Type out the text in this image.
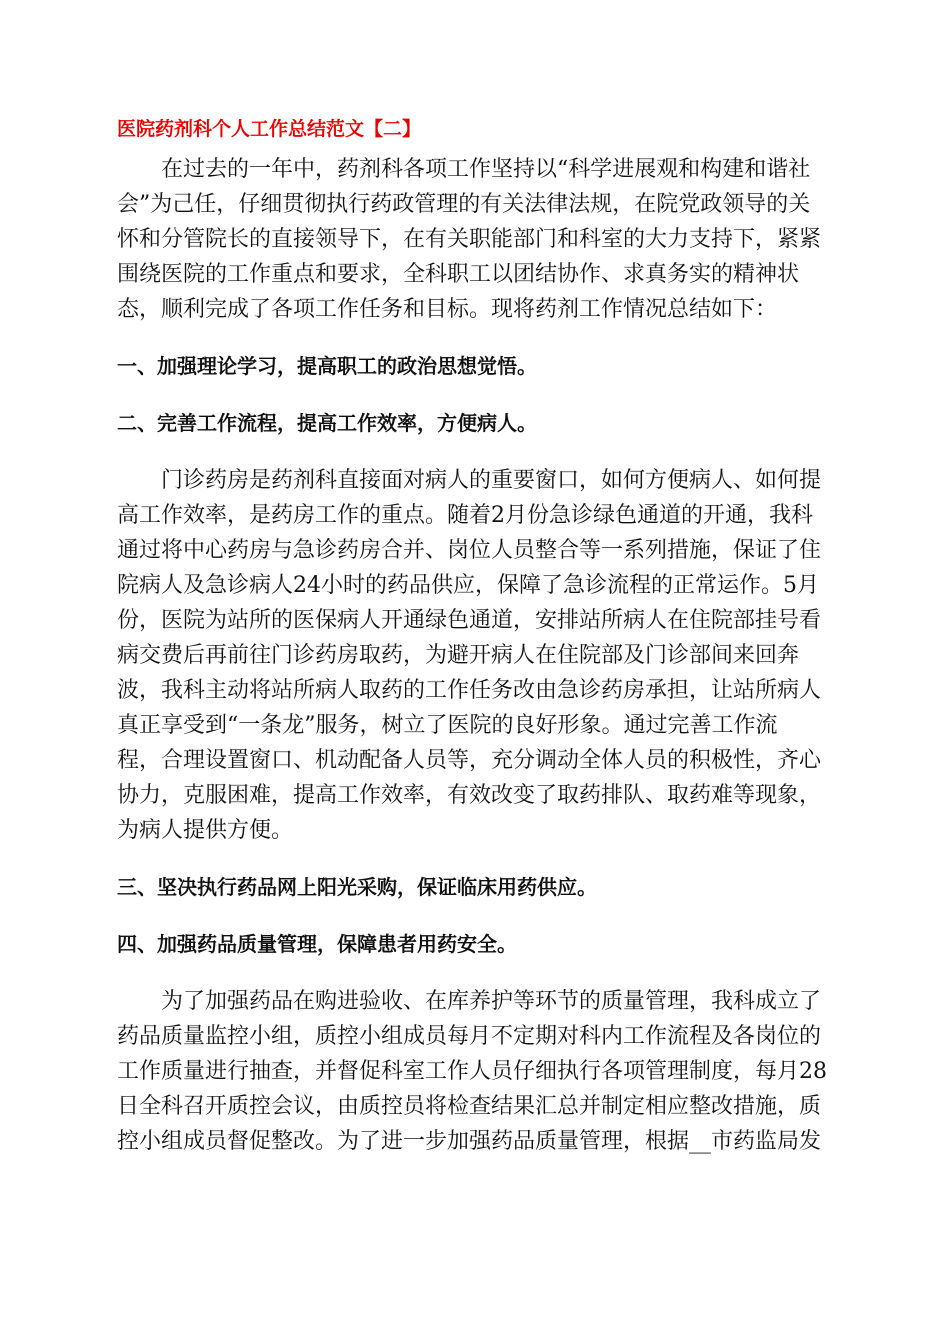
医院药剂科个人工作总结范文【二】
　　在过去的一年中，药剂科各项工作坚持以“科学进展观和构建和谐社
会”为己任，仔细贯彻执行药政管理的有关法律法规，在院党政领导的关
怀和分管院长的直接领导下，在有关职能部门和科室的大力支持下，紧紧
围绕医院的工作重点和要求，全科职工以团结协作、求真务实的精神状
态，顺利完成了各项工作任务和目标。现将药剂工作情况总结如下：
一、加强理论学习，提高职工的政治思想觉悟。
二、完善工作流程，提高工作效率，方便病人。
　　门诊药房是药剂科直接面对病人的重要窗口，如何方便病人、如何提
高工作效率，是药房工作的重点。随着2月份急诊绿色通道的开通，我科
通过将中心药房与急诊药房合并、岗位人员整合等一系列措施，保证了住
院病人及急诊病人24小时的药品供应，保障了急诊流程的正常运作。5月
份，医院为站所的医保病人开通绿色通道，安排站所病人在住院部挂号看
病交费后再前往门诊药房取药，为避开病人在住院部及门诊部间来回奔
波，我科主动将站所病人取药的工作任务改由急诊药房承担，让站所病人
真正享受到“一条龙”服务，树立了医院的良好形象。通过完善工作流
程，合理设置窗口、机动配备人员等，充分调动全体人员的积极性，齐心
协力，克服困难，提高工作效率，有效改变了取药排队、取药难等现象，
为病人提供方便。
三、坚决执行药品网上阳光采购，保证临床用药供应。
四、加强药品质量管理，保障患者用药安全。
　　为了加强药品在购进验收、在库养护等环节的质量管理，我科成立了
药品质量监控小组，质控小组成员每月不定期对科内工作流程及各岗位的
工作质量进行抽查，并督促科室工作人员仔细执行各项管理制度，每月28
日全科召开质控会议，由质控员将检查结果汇总并制定相应整改措施，质
控小组成员督促整改。为了进一步加强药品质量管理，根据__市药监局发
